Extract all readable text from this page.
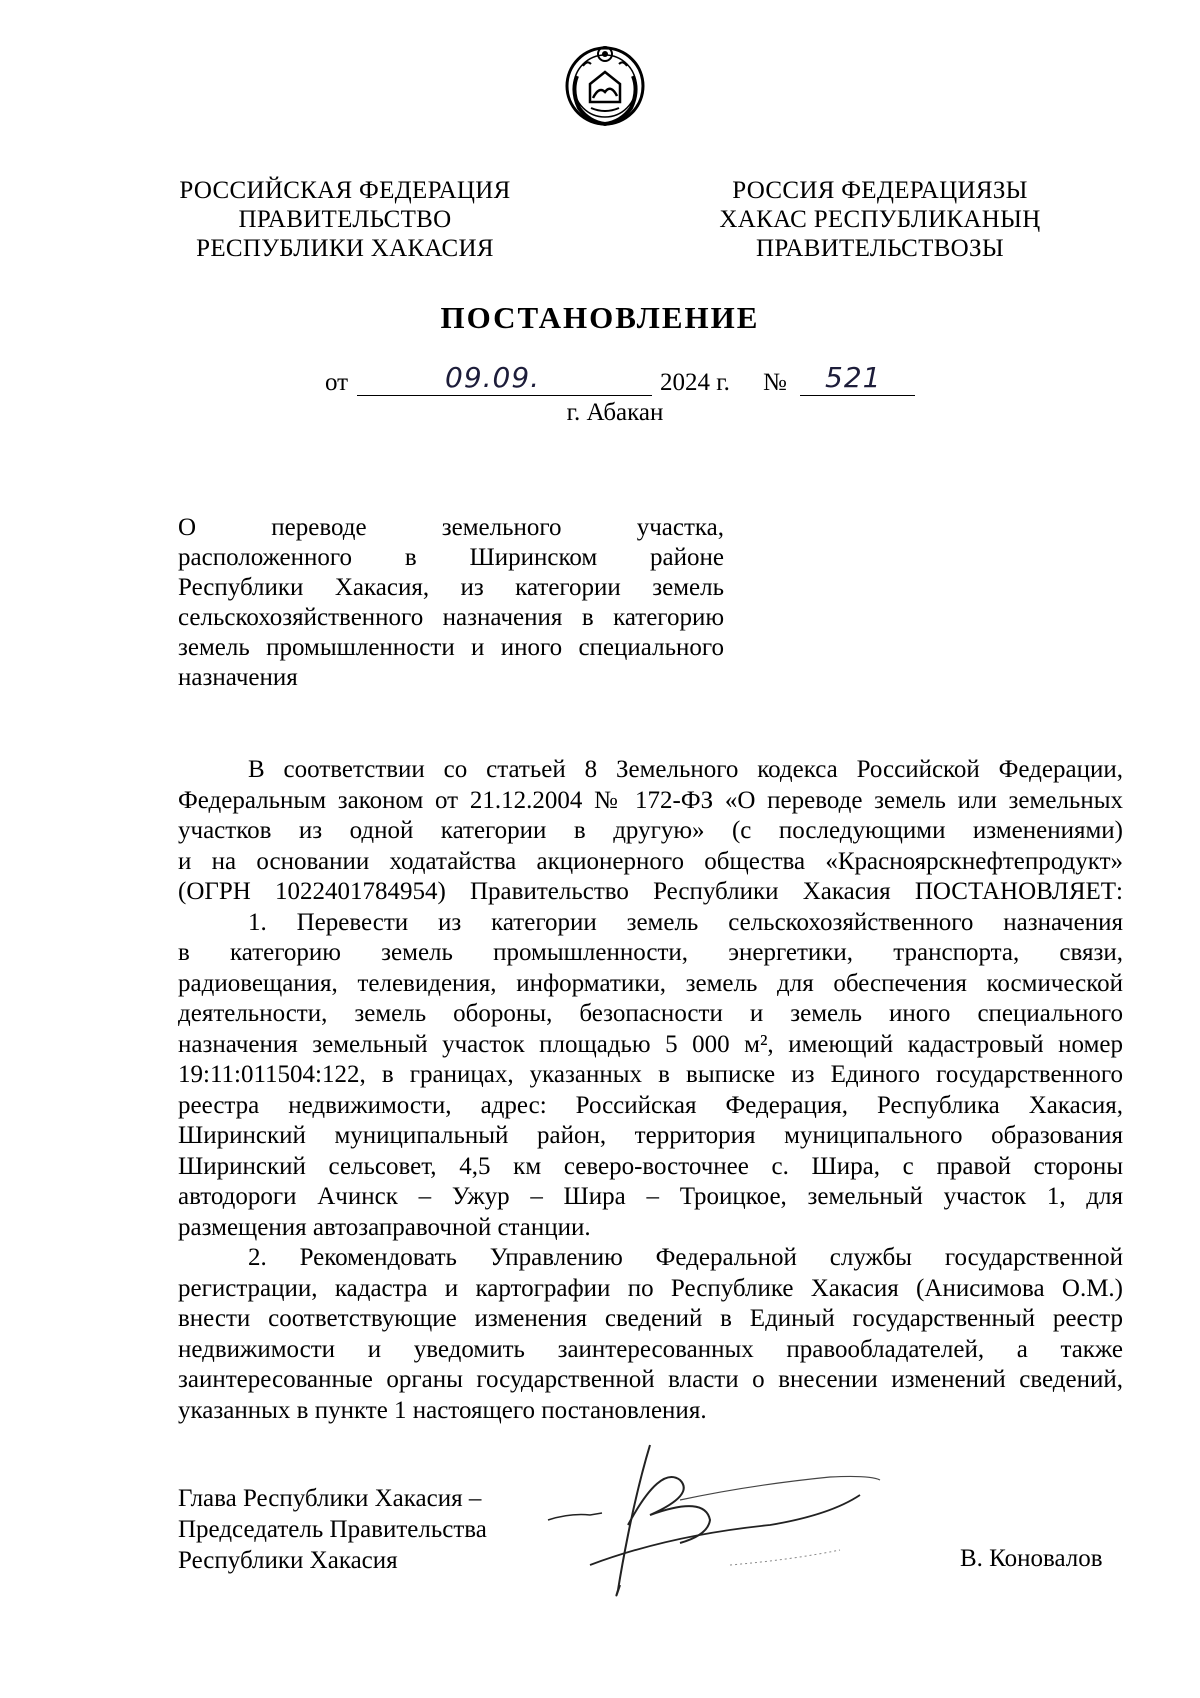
РОССИЙСКАЯ ФЕДЕРАЦИЯ
ПРАВИТЕЛЬСТВО
РЕСПУБЛИКИ ХАКАСИЯ
РОССИЯ ФЕДЕРАЦИЯЗЫ
ХАКАС РЕСПУБЛИКАНЫҢ
ПРАВИТЕЛЬСТВОЗЫ
ПОСТАНОВЛЕНИЕ
от	09.09.	2024 г. № 521
г. Абакан
О переводе земельного участка,
расположенного в Ширинском районе
Республики Хакасия, из категории земель
сельскохозяйственного назначения в категорию
земель промышленности и иного специального
назначения
В соответствии со статьей 8 Земельного кодекса Российской Федерации,
Федеральным законом от 21.12.2004 № 172-ФЗ «О переводе земель или земельных
участков из одной категории в другую» (с последующими изменениями)
и на основании ходатайства акционерного общества «Красноярскнефтепродукт»
(ОГРН 1022401784954) Правительство Республики Хакасия ПОСТАНОВЛЯЕТ:
1. Перевести из категории земель сельскохозяйственного назначения
в категорию земель промышленности, энергетики, транспорта, связи,
радиовещания, телевидения, информатики, земель для обеспечения космической
деятельности, земель обороны, безопасности и земель иного специального
назначения земельный участок площадью 5 000 м², имеющий кадастровый номер
19:11:011504:122, в границах, указанных в выписке из Единого государственного
реестра недвижимости, адрес: Российская Федерация, Республика Хакасия,
Ширинский муниципальный район, территория муниципального образования
Ширинский сельсовет, 4,5 км северо-восточнее с. Шира, с правой стороны
автодороги Ачинск – Ужур – Шира – Троицкое, земельный участок 1, для
размещения автозаправочной станции.
2. Рекомендовать Управлению Федеральной службы государственной
регистрации, кадастра и картографии по Республике Хакасия (Анисимова О.М.)
внести соответствующие изменения сведений в Единый государственный реестр
недвижимости и уведомить заинтересованных правообладателей, а также
заинтересованные органы государственной власти о внесении изменений сведений,
указанных в пункте 1 настоящего постановления.
Глава Республики Хакасия –
Председатель Правительства
Республики Хакасия	В. Коновалов
